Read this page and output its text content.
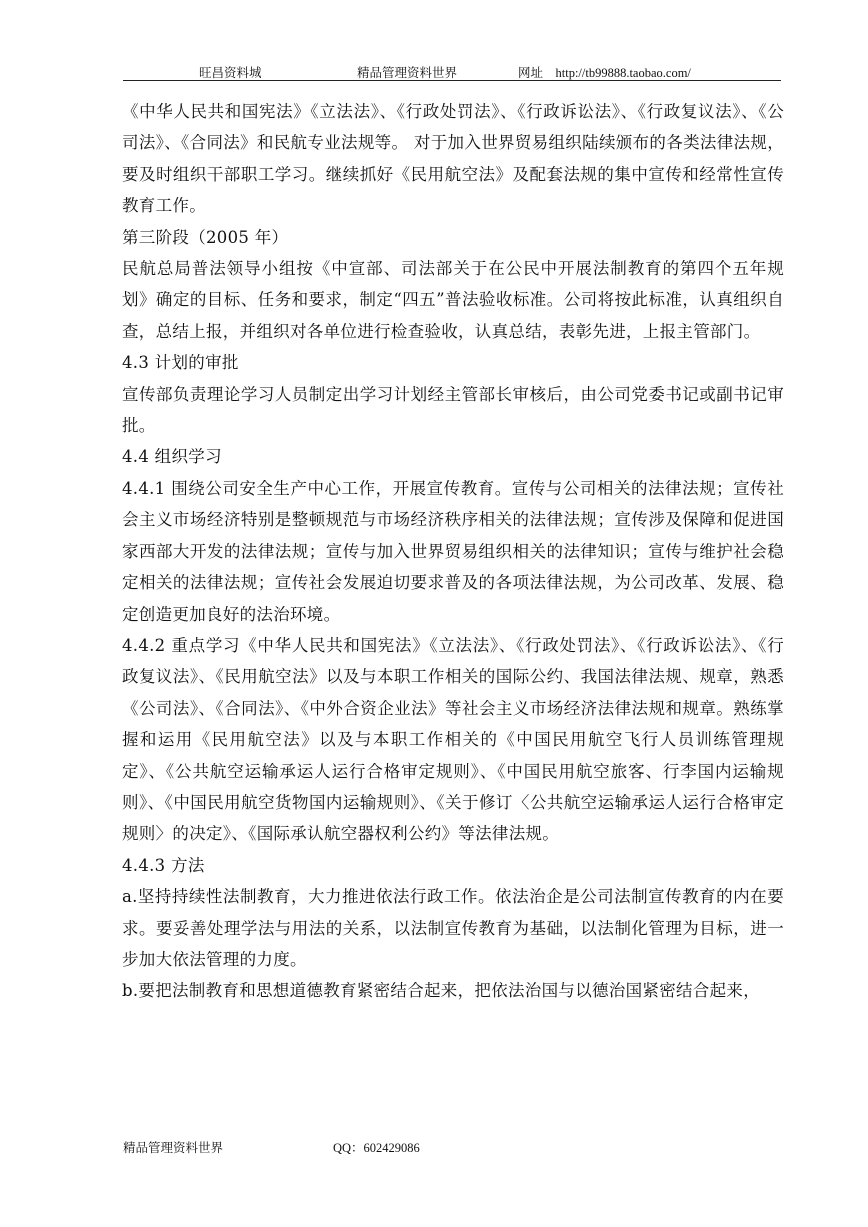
旺昌资料城	精品管理资料世界	网址　http://tb99888.taobao.com/

《中华人民共和国宪法》《立法法》、《行政处罚法》、《行政诉讼法》、《行政复议法》、《公司法》、《合同法》和民航专业法规等。 对于加入世界贸易组织陆续颁布的各类法律法规，要及时组织干部职工学习。继续抓好《民用航空法》及配套法规的集中宣传和经常性宣传教育工作。

第三阶段（2005 年）

民航总局普法领导小组按《中宣部、司法部关于在公民中开展法制教育的第四个五年规划》确定的目标、任务和要求，制定“四五”普法验收标准。公司将按此标准，认真组织自查，总结上报，并组织对各单位进行检查验收，认真总结，表彰先进，上报主管部门。

4.3 计划的审批

宣传部负责理论学习人员制定出学习计划经主管部长审核后，由公司党委书记或副书记审批。

4.4 组织学习

4.4.1 围绕公司安全生产中心工作，开展宣传教育。宣传与公司相关的法律法规；宣传社会主义市场经济特别是整顿规范与市场经济秩序相关的法律法规；宣传涉及保障和促进国家西部大开发的法律法规；宣传与加入世界贸易组织相关的法律知识；宣传与维护社会稳定相关的法律法规；宣传社会发展迫切要求普及的各项法律法规，为公司改革、发展、稳定创造更加良好的法治环境。

4.4.2 重点学习《中华人民共和国宪法》《立法法》、《行政处罚法》、《行政诉讼法》、《行政复议法》、《民用航空法》以及与本职工作相关的国际公约、我国法律法规、规章，熟悉《公司法》、《合同法》、《中外合资企业法》等社会主义市场经济法律法规和规章。熟练掌握和运用《民用航空法》以及与本职工作相关的《中国民用航空飞行人员训练管理规定》、《公共航空运输承运人运行合格审定规则》、《中国民用航空旅客、行李国内运输规则》、《中国民用航空货物国内运输规则》、《关于修订〈公共航空运输承运人运行合格审定规则〉的决定》、《国际承认航空器权利公约》等法律法规。

4.4.3 方法

a.坚持持续性法制教育，大力推进依法行政工作。依法治企是公司法制宣传教育的内在要求。要妥善处理学法与用法的关系，以法制宣传教育为基础，以法制化管理为目标，进一步加大依法管理的力度。

b.要把法制教育和思想道德教育紧密结合起来，把依法治国与以德治国紧密结合起来，

精品管理资料世界	QQ：602429086
